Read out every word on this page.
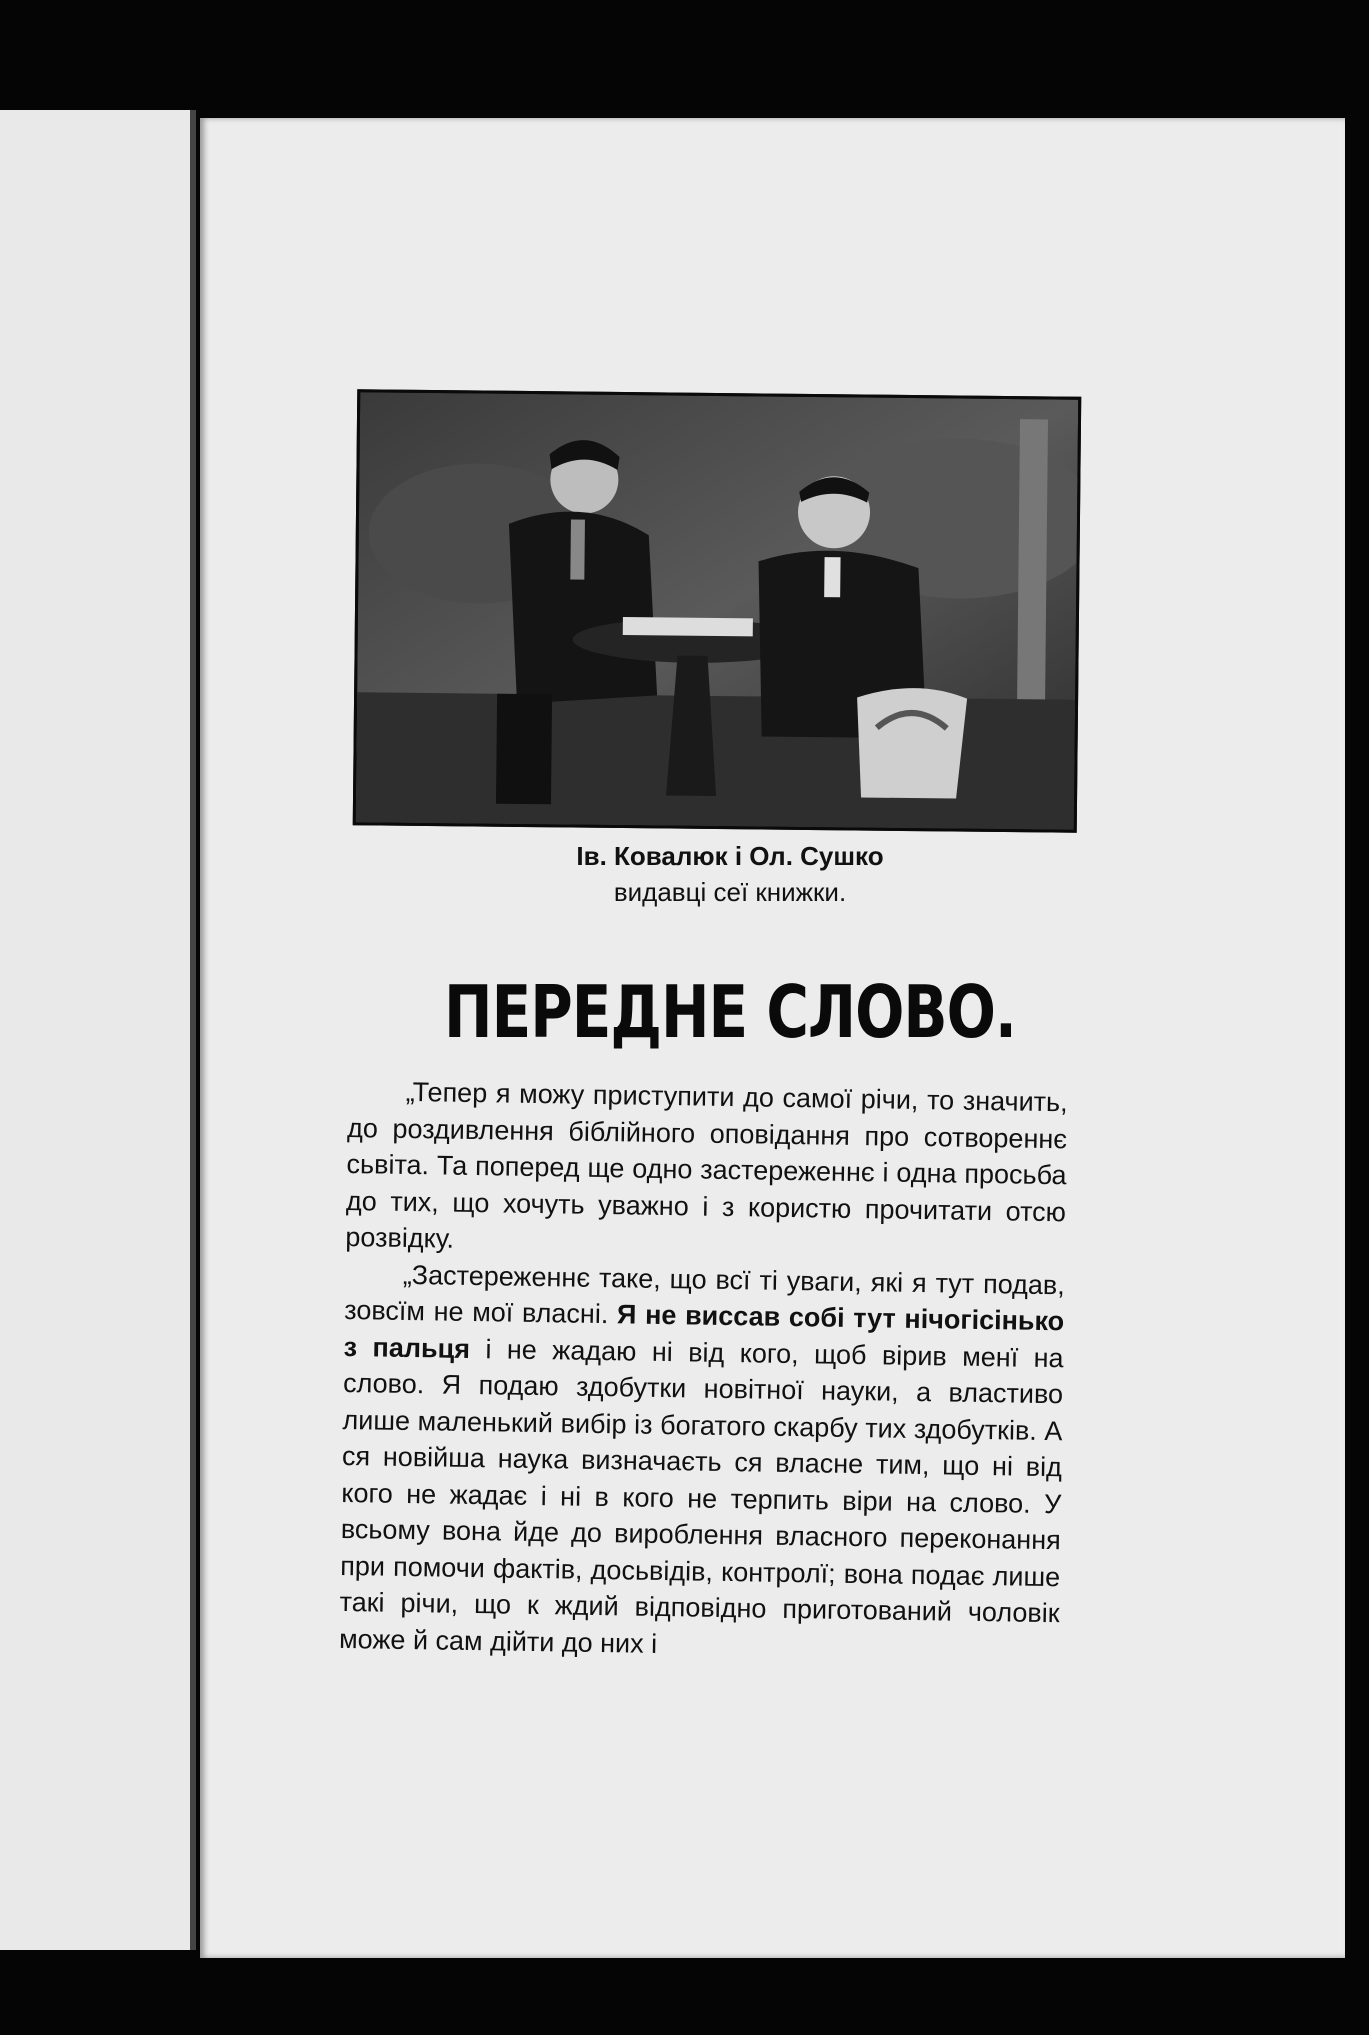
Ів. Ковалюк і Ол. Сушко
видавці сеї книжки.
ПЕРЕДНЕ СЛОВО.

„Тепер я можу приступити до самої річи, то значить, до роздивлення біблійного оповідання про сотвореннє сьвіта. Та поперед ще одно застереженнє і одна просьба до тих, що хочуть уважно і з користю прочитати отсю розвідку.

„Застереженнє таке, що всї ті уваги, які я тут подав, зовсїм не мої власні. Я не виссав собі тут нічогісінько з пальця і не жадаю ні від кого, щоб вірив менї на слово. Я подаю здобутки новітної науки, а властиво лише маленький вибір із богатого скарбу тих здобутків. А ся новійша наука визначаєть ся власне тим, що ні від кого не жадає і ні в кого не терпить віри на слово. У всьому вона йде до вироблення власного переконання при помочи фактів, досьвідів, контролї; вона подає лише такі річи, що к ждий відповідно приготований чоловік може й сам дійти до них і
